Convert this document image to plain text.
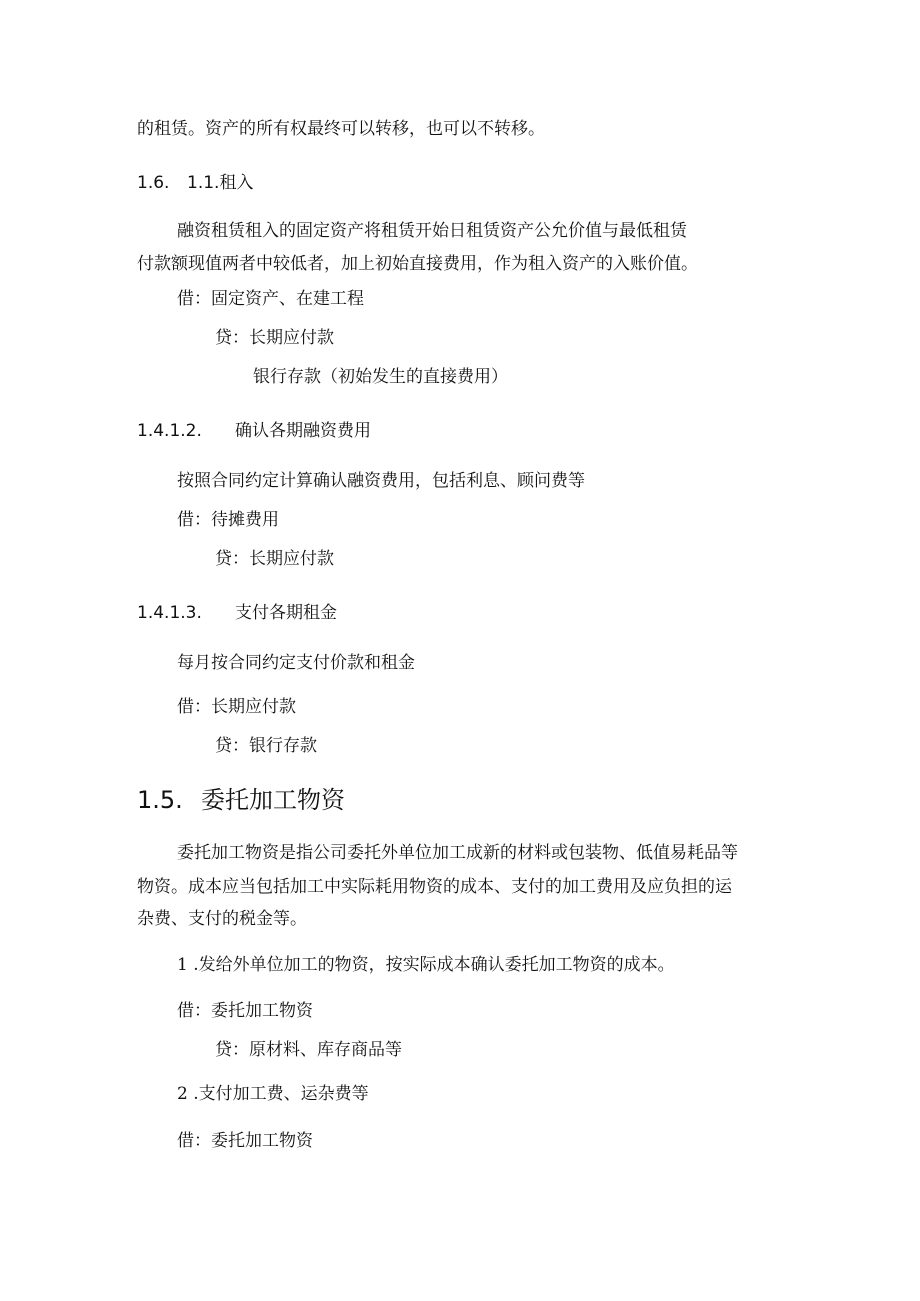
的租赁。资产的所有权最终可以转移，也可以不转移。
1.6. 1.1.租入
融资租赁租入的固定资产将租赁开始日租赁资产公允价值与最低租赁
付款额现值两者中较低者，加上初始直接费用，作为租入资产的入账价值。
借：固定资产、在建工程
贷：长期应付款
银行存款（初始发生的直接费用）
1.4.1.2. 确认各期融资费用
按照合同约定计算确认融资费用，包括利息、顾问费等
借：待摊费用
贷：长期应付款
1.4.1.3. 支付各期租金
每月按合同约定支付价款和租金
借：长期应付款
贷：银行存款
1.5. 委托加工物资
委托加工物资是指公司委托外单位加工成新的材料或包装物、低值易耗品等
物资。成本应当包括加工中实际耗用物资的成本、支付的加工费用及应负担的运
杂费、支付的税金等。
1 .发给外单位加工的物资，按实际成本确认委托加工物资的成本。
借：委托加工物资
贷：原材料、库存商品等
2 .支付加工费、运杂费等
借：委托加工物资
